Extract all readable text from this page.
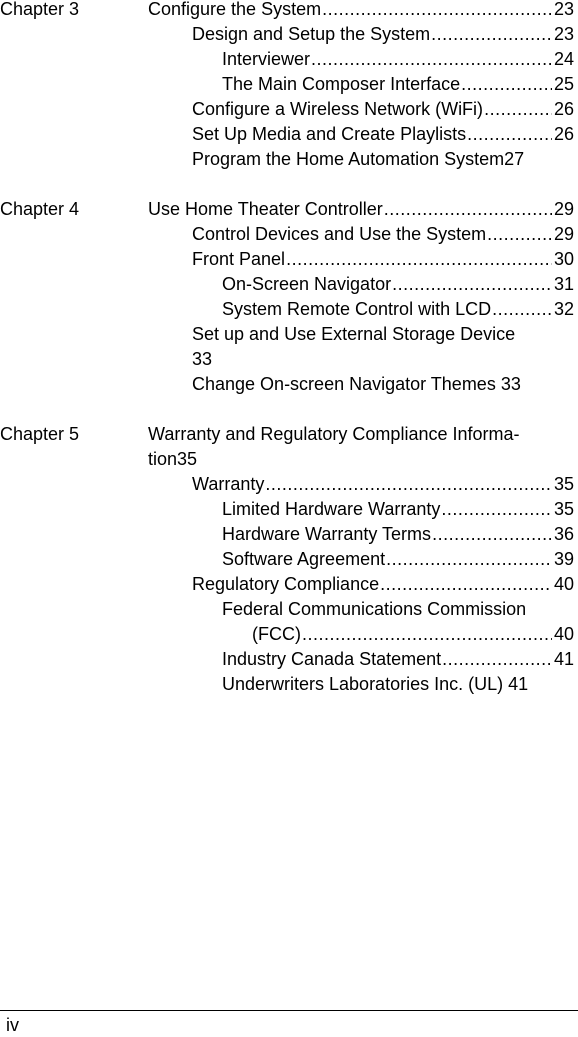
Chapter 3	Configure the System .....	23
Design and Setup the System .....	23
Interviewer .....	24
The Main Composer Interface .....	25
Configure a Wireless Network (WiFi) .....	26
Set Up Media and Create Playlists .....	26
Program the Home Automation System27
Chapter 4	Use Home Theater Controller .....	29
Control Devices and Use the System .....	29
Front Panel .....	30
On-Screen Navigator .....	31
System Remote Control with LCD .....	32
Set up and Use External Storage Device
33
Change On-screen Navigator Themes 33
Chapter 5	Warranty and Regulatory Compliance Informa-
tion35
Warranty .....	35
Limited Hardware Warranty .....	35
Hardware Warranty Terms .....	36
Software Agreement .....	39
Regulatory Compliance .....	40
Federal Communications Commission
(FCC) .....	40
Industry Canada Statement .....	41
Underwriters Laboratories Inc. (UL) 41
iv
